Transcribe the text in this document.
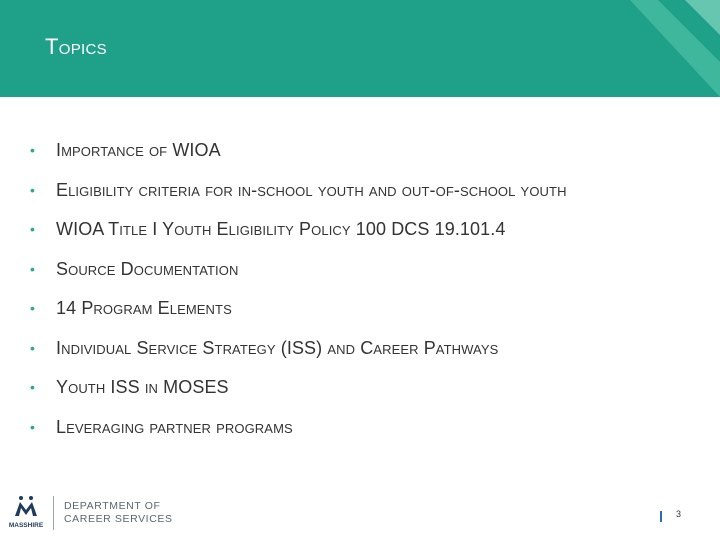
Topics
•	Importance of WIOA
•	Eligibility criteria for in-school youth and out-of-school youth
•	WIOA Title I Youth Eligibility Policy 100 DCS 19.101.4
•	Source Documentation
•	14 Program Elements
•	Individual Service Strategy (ISS) and Career Pathways
•	Youth ISS in MOSES
•	Leveraging partner programs
MASSHIRE
DEPARTMENT OF
CAREER SERVICES	3
